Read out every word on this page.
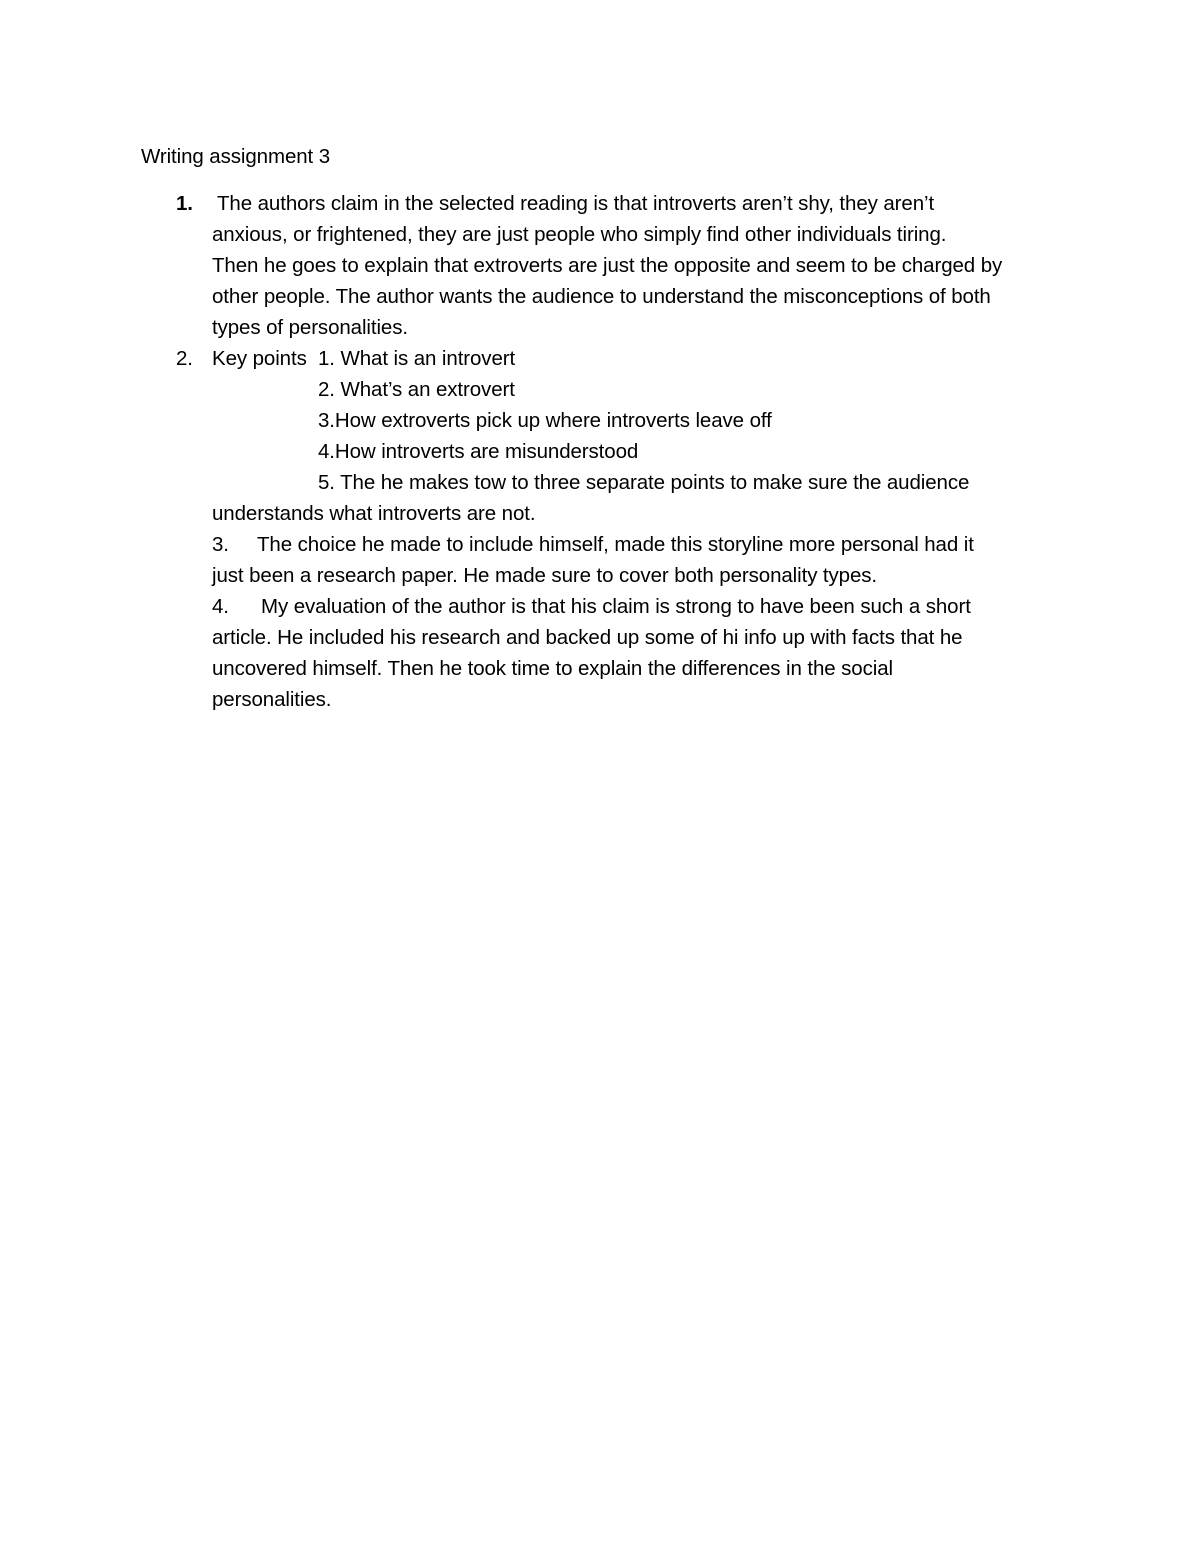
Writing assignment 3
1. The authors claim in the selected reading is that introverts aren’t shy, they aren’t
anxious, or frightened, they are just people who simply find other individuals tiring.
Then he goes to explain that extroverts are just the opposite and seem to be charged by
other people. The author wants the audience to understand the misconceptions of both
types of personalities.
2. Key points 1. What is an introvert
2. What’s an extrovert
3.How extroverts pick up where introverts leave off
4.How introverts are misunderstood
5. The he makes tow to three separate points to make sure the audience
understands what introverts are not.
3. The choice he made to include himself, made this storyline more personal had it
just been a research paper. He made sure to cover both personality types.
4. My evaluation of the author is that his claim is strong to have been such a short
article. He included his research and backed up some of hi info up with facts that he
uncovered himself. Then he took time to explain the differences in the social
personalities.
